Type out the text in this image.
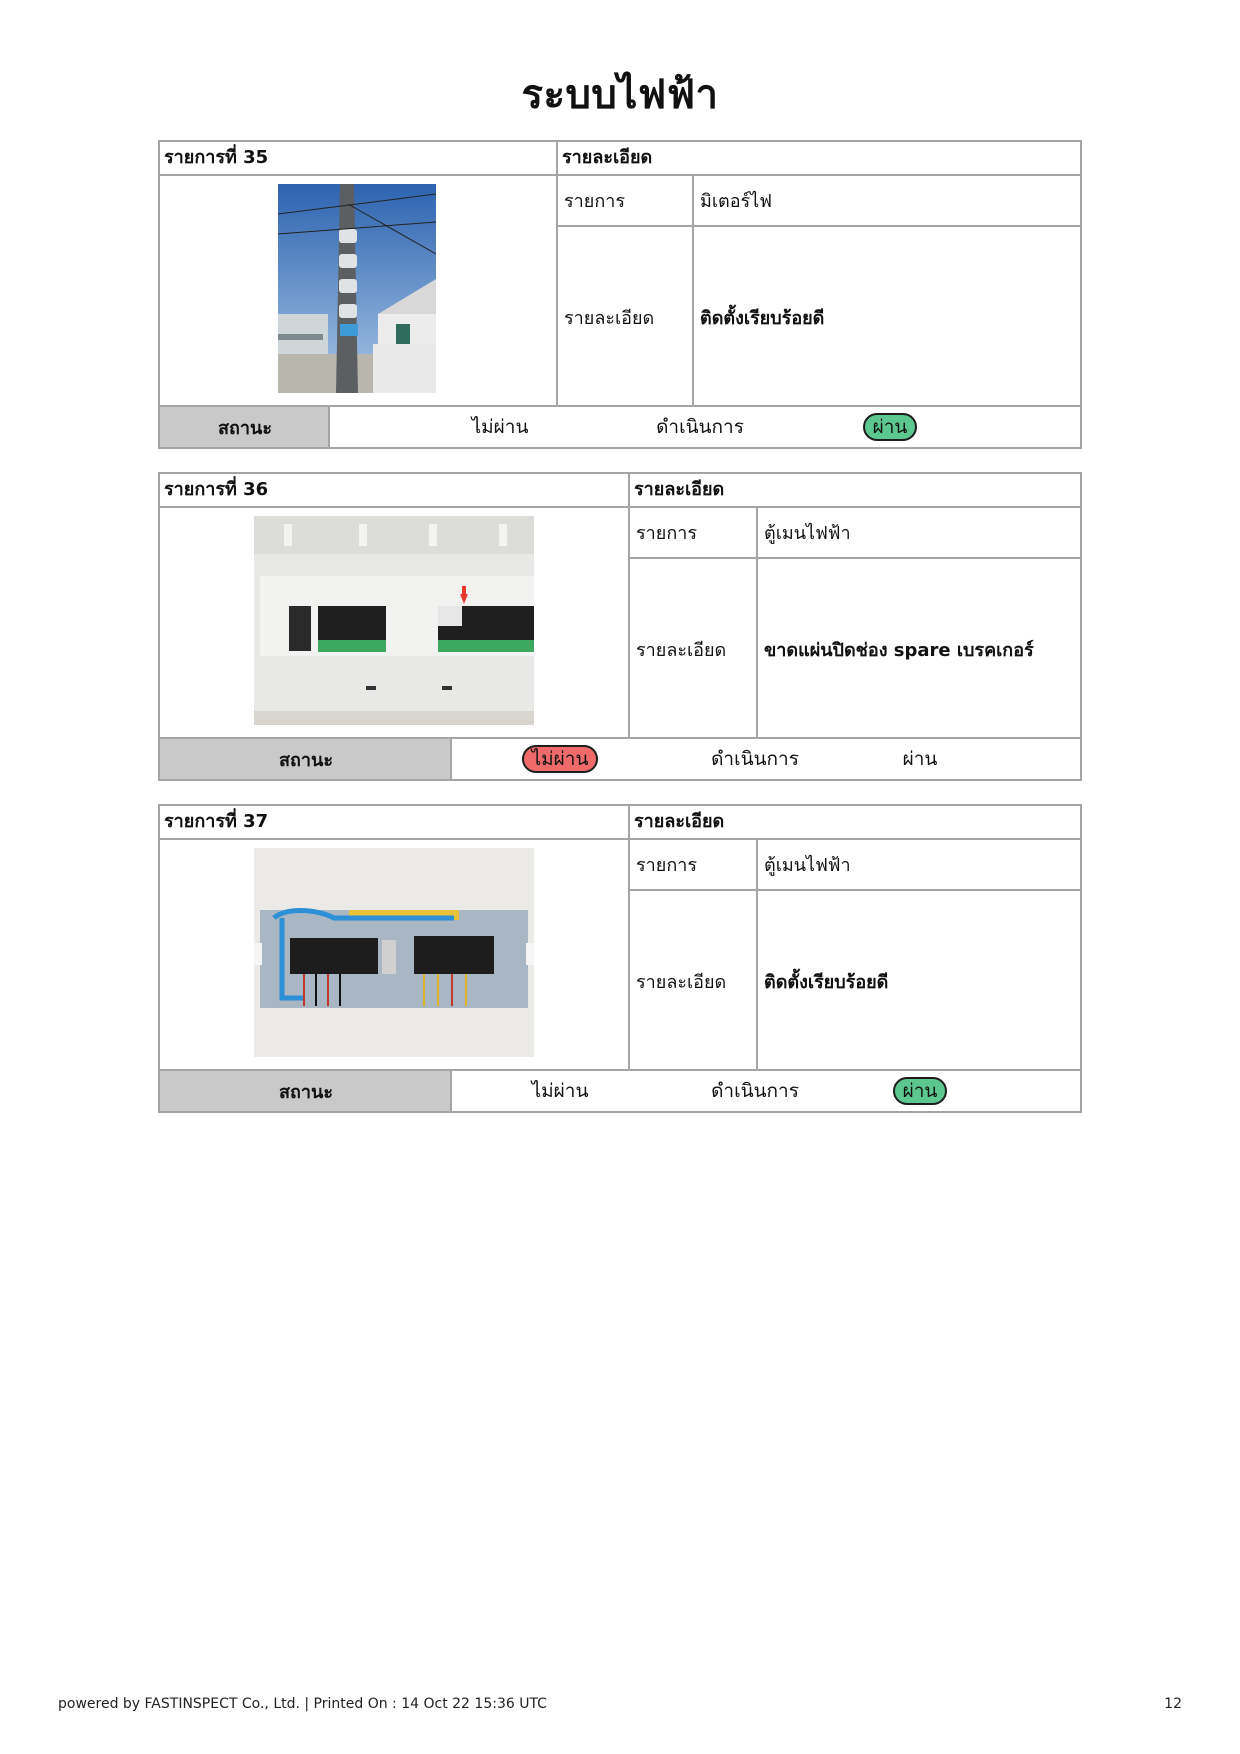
ระบบไฟฟ้า
รายการที่ 35	รายละเอียด
รายการ	มิเตอร์ไฟ
รายละเอียด	ติดตั้งเรียบร้อยดี
สถานะ	ไม่ผ่าน	ดำเนินการ	ผ่าน
รายการที่ 36	รายละเอียด
รายการ	ตู้เมนไฟฟ้า
รายละเอียด	ขาดแผ่นปิดช่อง spare เบรคเกอร์
สถานะ	ไม่ผ่าน	ดำเนินการ	ผ่าน
รายการที่ 37	รายละเอียด
รายการ	ตู้เมนไฟฟ้า
รายละเอียด	ติดตั้งเรียบร้อยดี
สถานะ	ไม่ผ่าน	ดำเนินการ	ผ่าน
powered by FASTINSPECT Co., Ltd. | Printed On : 14 Oct 22 15:36 UTC	12
